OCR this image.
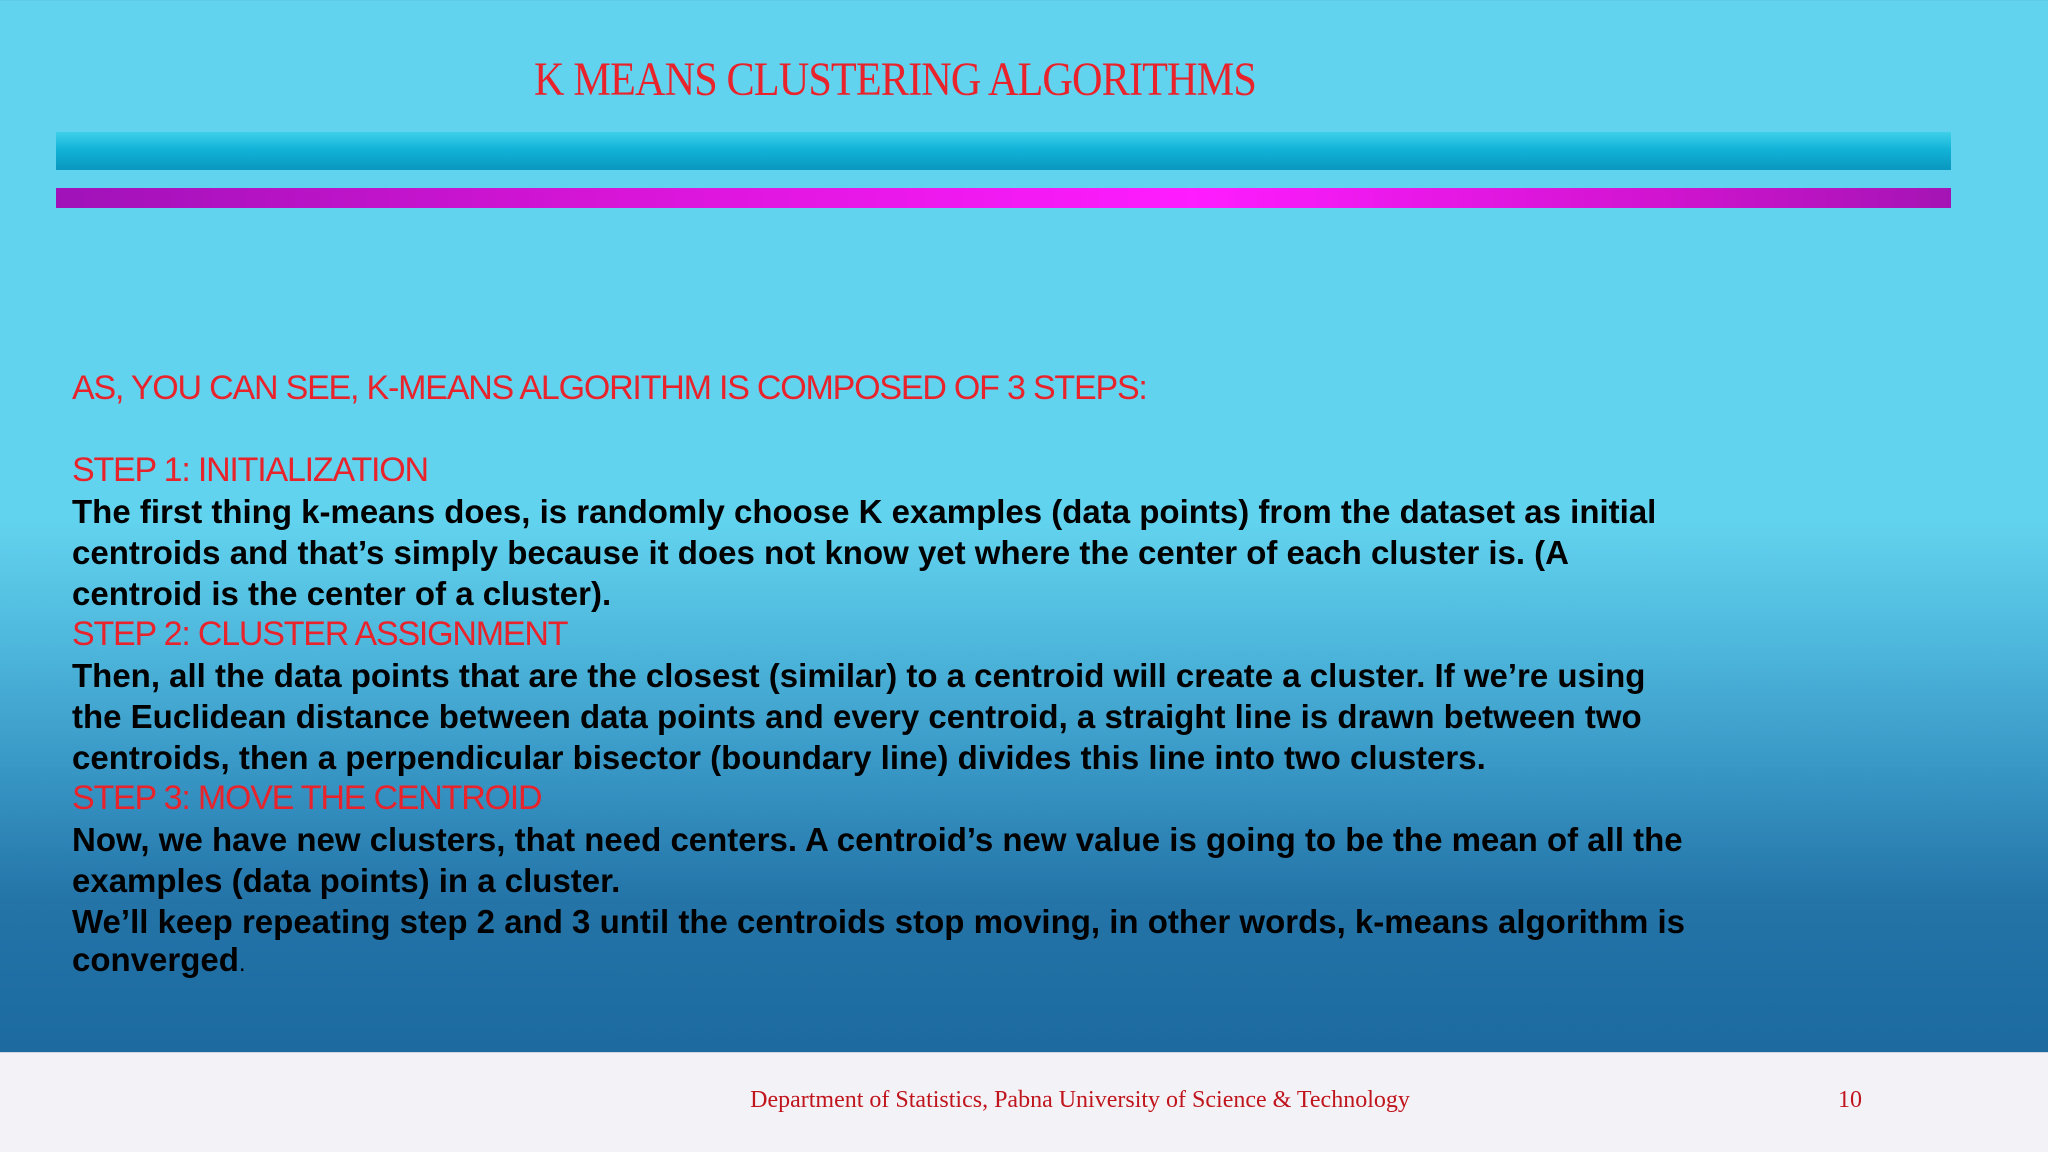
K MEANS CLUSTERING ALGORITHMS
AS, YOU CAN SEE, K-MEANS ALGORITHM IS COMPOSED OF 3 STEPS:
STEP 1: INITIALIZATION
The first thing k-means does, is randomly choose K examples (data points) from the dataset as initial
centroids and that’s simply because it does not know yet where the center of each cluster is. (A
centroid is the center of a cluster).
STEP 2: CLUSTER ASSIGNMENT
Then, all the data points that are the closest (similar) to a centroid will create a cluster. If we’re using
the Euclidean distance between data points and every centroid, a straight line is drawn between two
centroids, then a perpendicular bisector (boundary line) divides this line into two clusters.
STEP 3: MOVE THE CENTROID
Now, we have new clusters, that need centers. A centroid’s new value is going to be the mean of all the
examples (data points) in a cluster.
We’ll keep repeating step 2 and 3 until the centroids stop moving, in other words, k-means algorithm is
converged.
Department of Statistics, Pabna University of Science & Technology	10
